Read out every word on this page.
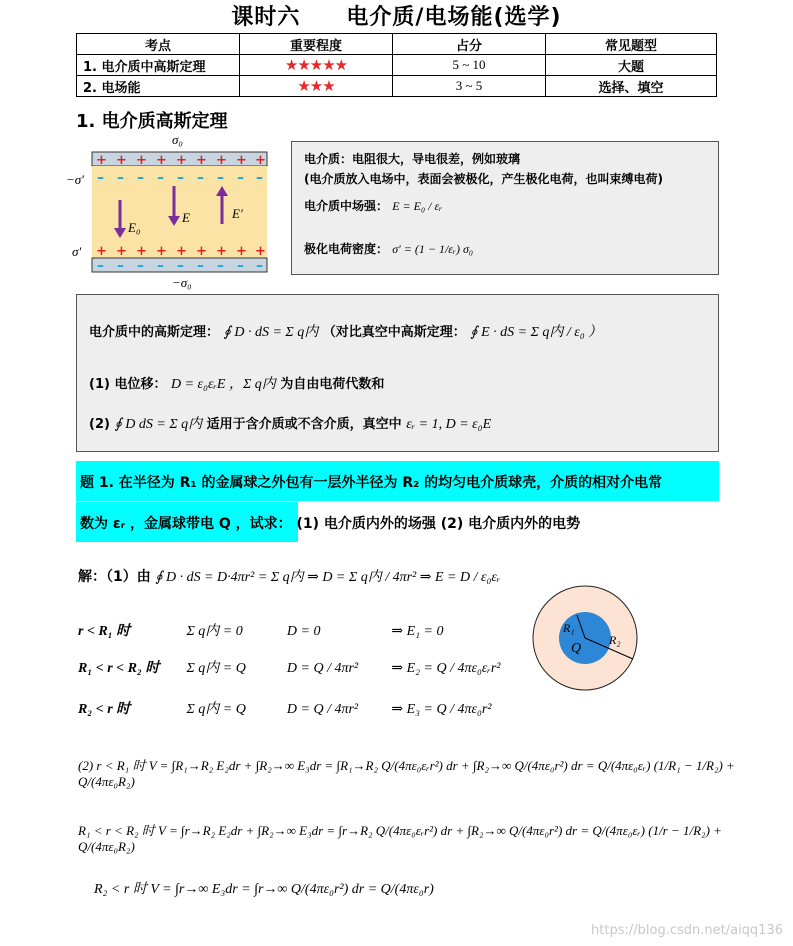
课时六　　电介质/电场能(选学)
考点	重要程度	占分	常见题型
1. 电介质中高斯定理	★★★★★	5 ~ 10	大题
2. 电场能	★★★	3 ~ 5	选择、填空
1. 电介质高斯定理
+ + + + + + + + +
– – – – – – – – –
+ + + + + + + + +
– – – – – – – – –
σ₀
−σ′
σ′
−σ₀
E₀
E	E′
电介质：电阻很大，导电很差，例如玻璃
(电介质放入电场中，表面会被极化，产生极化电荷，也叫束缚电荷)
电介质中场强： E = E₀ / εᵣ
极化电荷密度： σ′ = (1 − 1/εᵣ) σ₀
电介质中的高斯定理： ∮ D · dS = Σ q内 （对比真空中高斯定理： ∮ E · dS = Σ q内 / ε₀ ）
(1) 电位移： D = ε₀εᵣE ，Σ q内 为自由电荷代数和
(2) ∮ D dS = Σ q内 适用于含介质或不含介质，真空中 εᵣ = 1, D = ε₀E
题 1. 在半径为 R₁ 的金属球之外包有一层外半径为 R₂ 的均匀电介质球壳，介质的相对介电常
数为 εᵣ ，金属球带电 Q ，试求： (1) 电介质内外的场强 (2) 电介质内外的电势
解：（1）由 ∮ D · dS = D·4πr² = Σ q内 ⇒ D = Σ q内 / 4πr² ⇒ E = D / ε₀εᵣ
r < R₁ 时	Σ q内 = 0	D = 0	⇒ E₁ = 0
R₁ < r < R₂ 时 Σ q内 = Q	D = Q / 4πr² ⇒ E₂ = Q / 4πε₀εᵣr²
R₂ < r 时	Σ q内 = Q	D = Q / 4πr² ⇒ E₃ = Q / 4πε₀r²
R₁
R₂
Q
(2) r < R₁ 时 V = ∫R₁→R₂ E₂dr + ∫R₂→∞ E₃dr = ∫R₁→R₂ Q/(4πε₀εᵣr²) dr + ∫R₂→∞ Q/(4πε₀r²) dr = Q/(4πε₀εᵣ) (1/R₁ − 1/R₂) + Q/(4πε₀R₂)
R₁ < r < R₂ 时 V = ∫r→R₂ E₂dr + ∫R₂→∞ E₃dr = ∫r→R₂ Q/(4πε₀εᵣr²) dr + ∫R₂→∞ Q/(4πε₀r²) dr = Q/(4πε₀εᵣ) (1/r − 1/R₂) + Q/(4πε₀R₂)
R₂ < r 时 V = ∫r→∞ E₃dr = ∫r→∞ Q/(4πε₀r²) dr = Q/(4πε₀r)
https://blog.csdn.net/aiqq136
